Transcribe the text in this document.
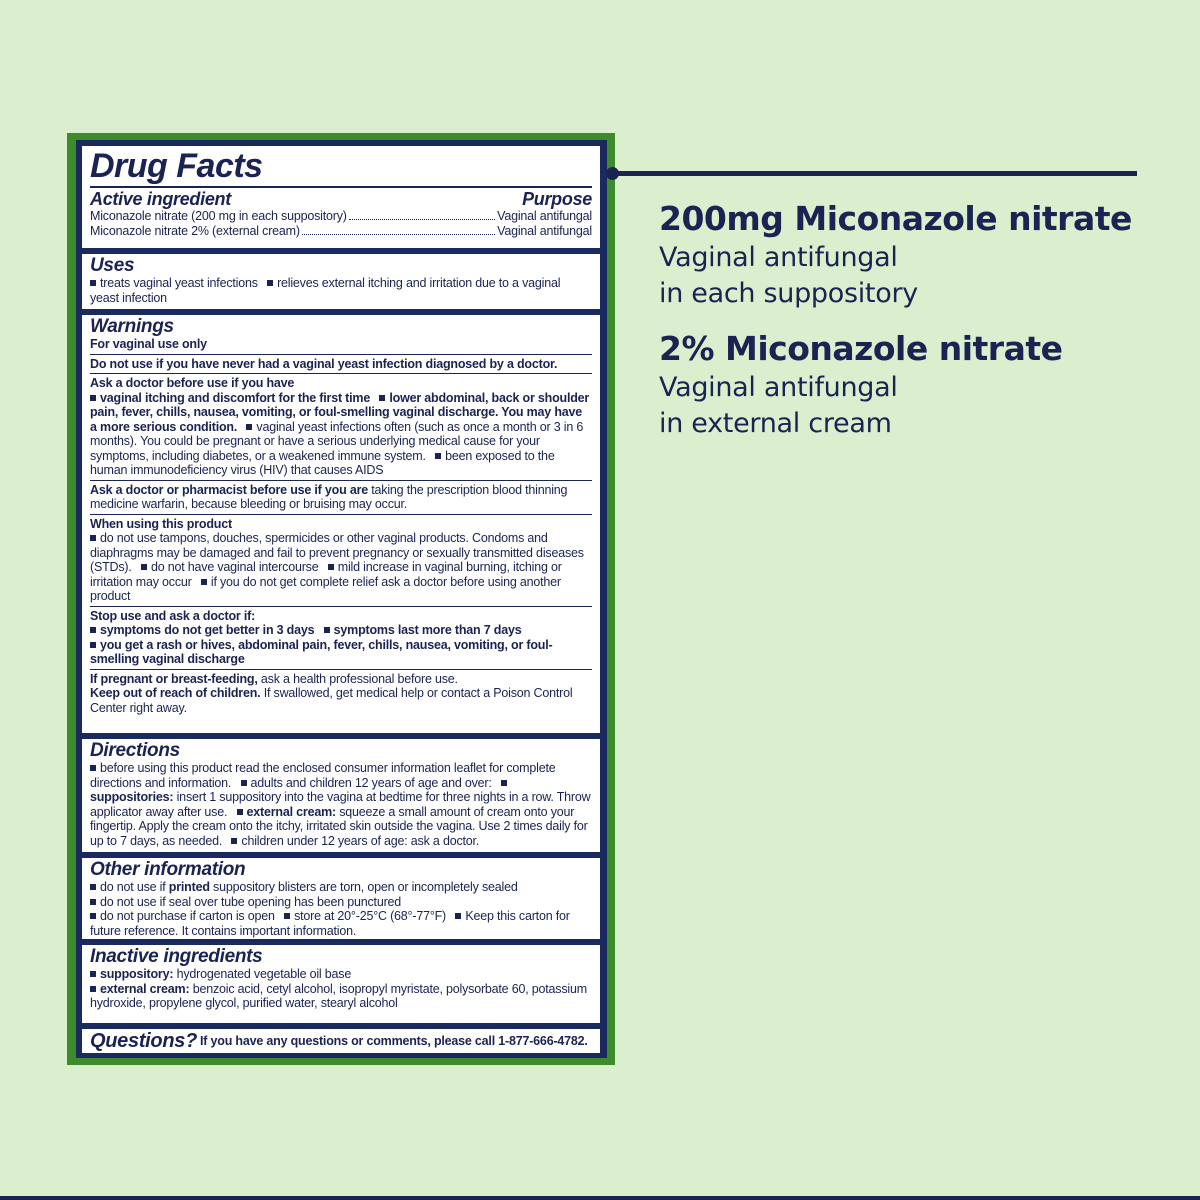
Drug Facts
Active ingredient	Purpose
Miconazole nitrate (200 mg in each suppository)	Vaginal antifungal
Miconazole nitrate 2% (external cream)	Vaginal antifungal
Uses
treats vaginal yeast infections relieves external itching and irritation due to a vaginal yeast infection
Warnings
For vaginal use only
Do not use if you have never had a vaginal yeast infection diagnosed by a doctor.
Ask a doctor before use if you have
vaginal itching and discomfort for the first time lower abdominal, back or shoulder pain, fever, chills, nausea, vomiting, or foul-smelling vaginal discharge. You may have a more serious condition. vaginal yeast infections often (such as once a month or 3 in 6 months). You could be pregnant or have a serious underlying medical cause for your symptoms, including diabetes, or a weakened immune system. been exposed to the human immunodeficiency virus (HIV) that causes AIDS
Ask a doctor or pharmacist before use if you are taking the prescription blood thinning medicine warfarin, because bleeding or bruising may occur.
When using this product
do not use tampons, douches, spermicides or other vaginal products. Condoms and diaphragms may be damaged and fail to prevent pregnancy or sexually transmitted diseases (STDs). do not have vaginal intercourse mild increase in vaginal burning, itching or irritation may occur if you do not get complete relief ask a doctor before using another product
Stop use and ask a doctor if:
symptoms do not get better in 3 days symptoms last more than 7 days
you get a rash or hives, abdominal pain, fever, chills, nausea, vomiting, or foul-smelling vaginal discharge
If pregnant or breast-feeding, ask a health professional before use.
Keep out of reach of children. If swallowed, get medical help or contact a Poison Control Center right away.
Directions
before using this product read the enclosed consumer information leaflet for complete directions and information. adults and children 12 years of age and over: suppositories: insert 1 suppository into the vagina at bedtime for three nights in a row. Throw applicator away after use. external cream: squeeze a small amount of cream onto your fingertip. Apply the cream onto the itchy, irritated skin outside the vagina. Use 2 times daily for up to 7 days, as needed. children under 12 years of age: ask a doctor.
Other information
do not use if printed suppository blisters are torn, open or incompletely sealed
do not use if seal over tube opening has been punctured
do not purchase if carton is open store at 20°-25°C (68°-77°F) Keep this carton for future reference. It contains important information.
Inactive ingredients
suppository: hydrogenated vegetable oil base
external cream: benzoic acid, cetyl alcohol, isopropyl myristate, polysorbate 60, potassium hydroxide, propylene glycol, purified water, stearyl alcohol
Questions? If you have any questions or comments, please call 1-877-666-4782.
200mg Miconazole nitrate
Vaginal antifungal
in each suppository
2% Miconazole nitrate
Vaginal antifungal
in external cream
